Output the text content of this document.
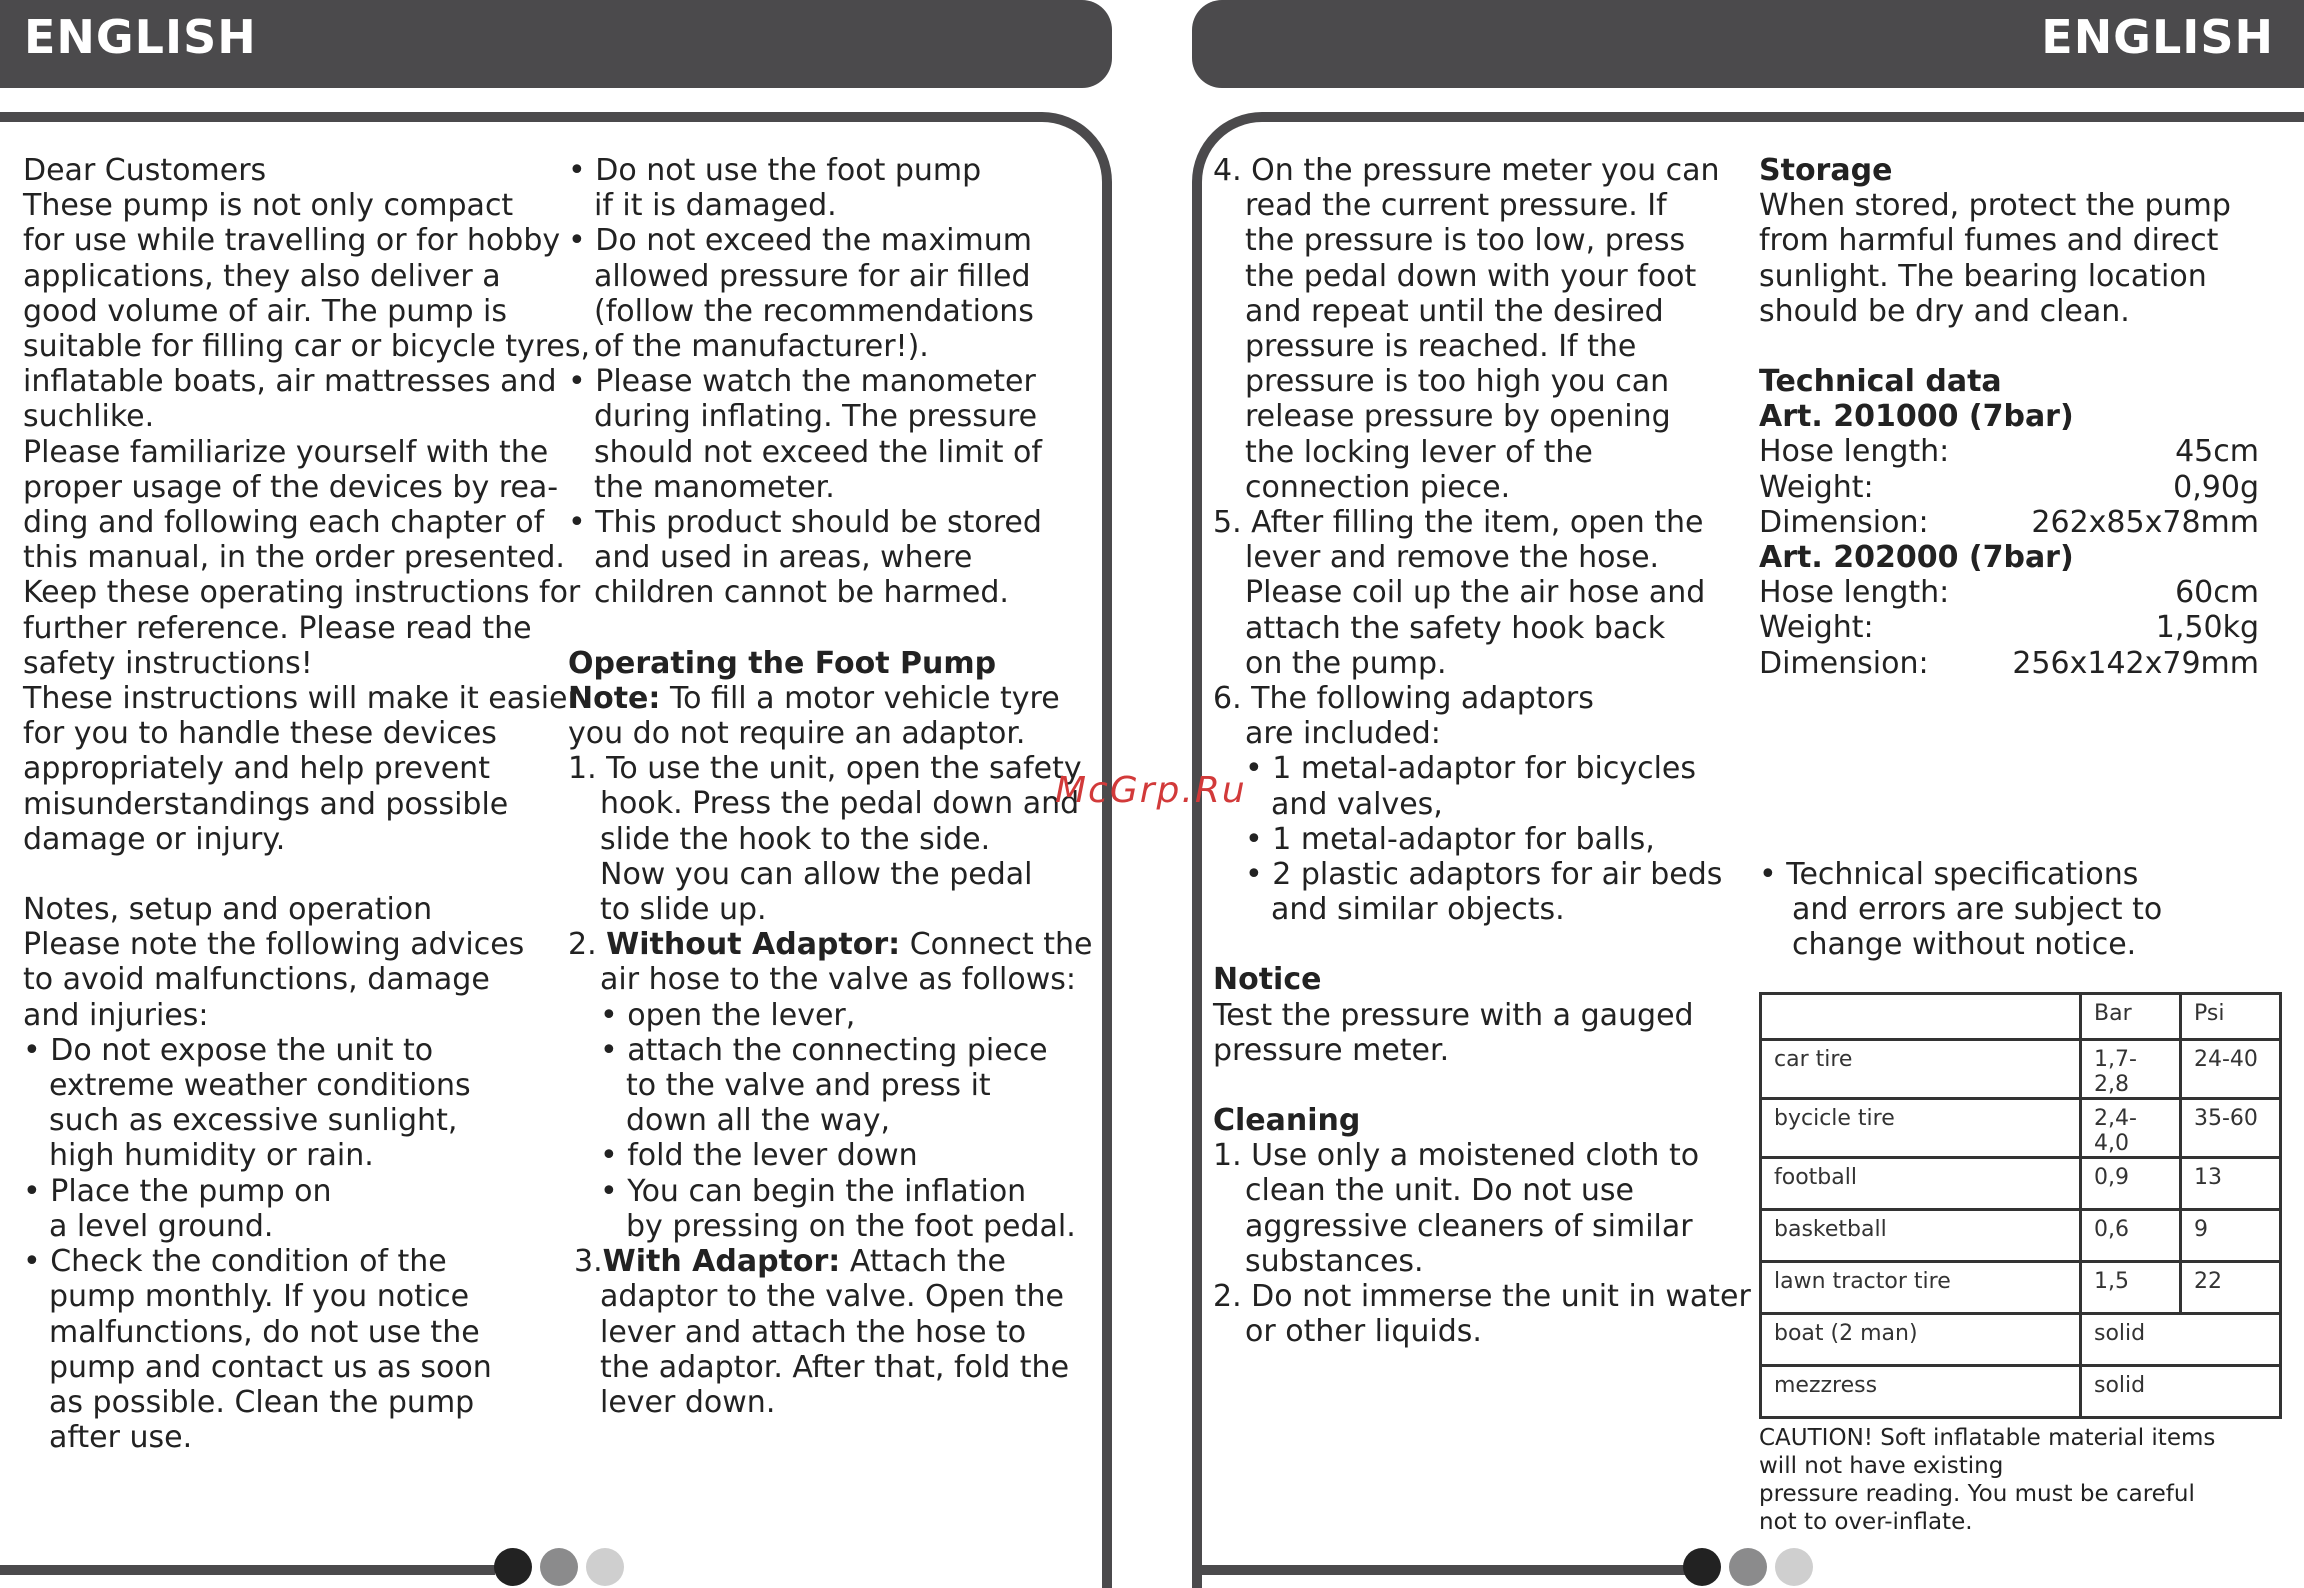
ENGLISH	ENGLISH

Dear Customers

These pump is not only compact

for use while travelling or for hobby

applications, they also deliver a

good volume of air. The pump is

suitable for filling car or bicycle tyres,

inflatable boats, air mattresses and

suchlike.

Please familiarize yourself with the

proper usage of the devices by rea-

ding and following each chapter of

this manual, in the order presented.

Keep these operating instructions for

further reference. Please read the

safety instructions!

These instructions will make it easier

for you to handle these devices

appropriately and help prevent

misunderstandings and possible

damage or injury.

Notes, setup and operation

Please note the following advices

to avoid malfunctions, damage

and injuries:

• Do not expose the unit to

extreme weather conditions

such as excessive sunlight,

high humidity or rain.

• Place the pump on

a level ground.

• Check the condition of the

pump monthly. If you notice

malfunctions, do not use the

pump and contact us as soon

as possible. Clean the pump

after use.

• Do not use the foot pump

if it is damaged.

• Do not exceed the maximum

allowed pressure for air filled

(follow the recommendations

of the manufacturer!).

• Please watch the manometer

during inflating. The pressure

should not exceed the limit of

the manometer.

• This product should be stored

and used in areas, where

children cannot be harmed.

Operating the Foot Pump

Note: To fill a motor vehicle tyre

you do not require an adaptor.

1. To use the unit, open the safety

hook. Press the pedal down and

slide the hook to the side.

Now you can allow the pedal

to slide up.

2. Without Adaptor: Connect the

air hose to the valve as follows:

• open the lever,

• attach the connecting piece

to the valve and press it

down all the way,

• fold the lever down

• You can begin the inflation

by pressing on the foot pedal.

3.With Adaptor: Attach the

adaptor to the valve. Open the

lever and attach the hose to

the adaptor. After that, fold the

lever down.

McGrp.Ru

4. On the pressure meter you can

read the current pressure. If

the pressure is too low, press

the pedal down with your foot

and repeat until the desired

pressure is reached. If the

pressure is too high you can

release pressure by opening

the locking lever of the

connection piece.

5. After filling the item, open the

lever and remove the hose.

Please coil up the air hose and

attach the safety hook back

on the pump.

6. The following adaptors

are included:

• 1 metal-adaptor for bicycles

and valves,

• 1 metal-adaptor for balls,

• 2 plastic adaptors for air beds

and similar objects.

Notice

Test the pressure with a gauged

pressure meter.

Cleaning

1. Use only a moistened cloth to

clean the unit. Do not use

aggressive cleaners of similar

substances.

2. Do not immerse the unit in water

or other liquids.

Storage

When stored, protect the pump

from harmful fumes and direct

sunlight. The bearing location

should be dry and clean.

Technical data

Art. 201000 (7bar)

Hose length:	45cm
Weight:	0,90g
Dimension:	262x85x78mm

Art. 202000 (7bar)

Hose length:	60cm
Weight:	1,50kg
Dimension:	256x142x79mm

• Technical specifications

and errors are subject to

change without notice.

	Bar	Psi
car tire	1,7-2,8	24-40
bycicle tire	2,4-4,0	35-60
football	0,9	13
basketball	0,6	9
lawn tractor tire	1,5	22
boat (2 man)	solid	
mezzress	solid	
CAUTION! Soft inflatable material items
will not have existing
pressure reading. You must be careful
not to over-inflate.
